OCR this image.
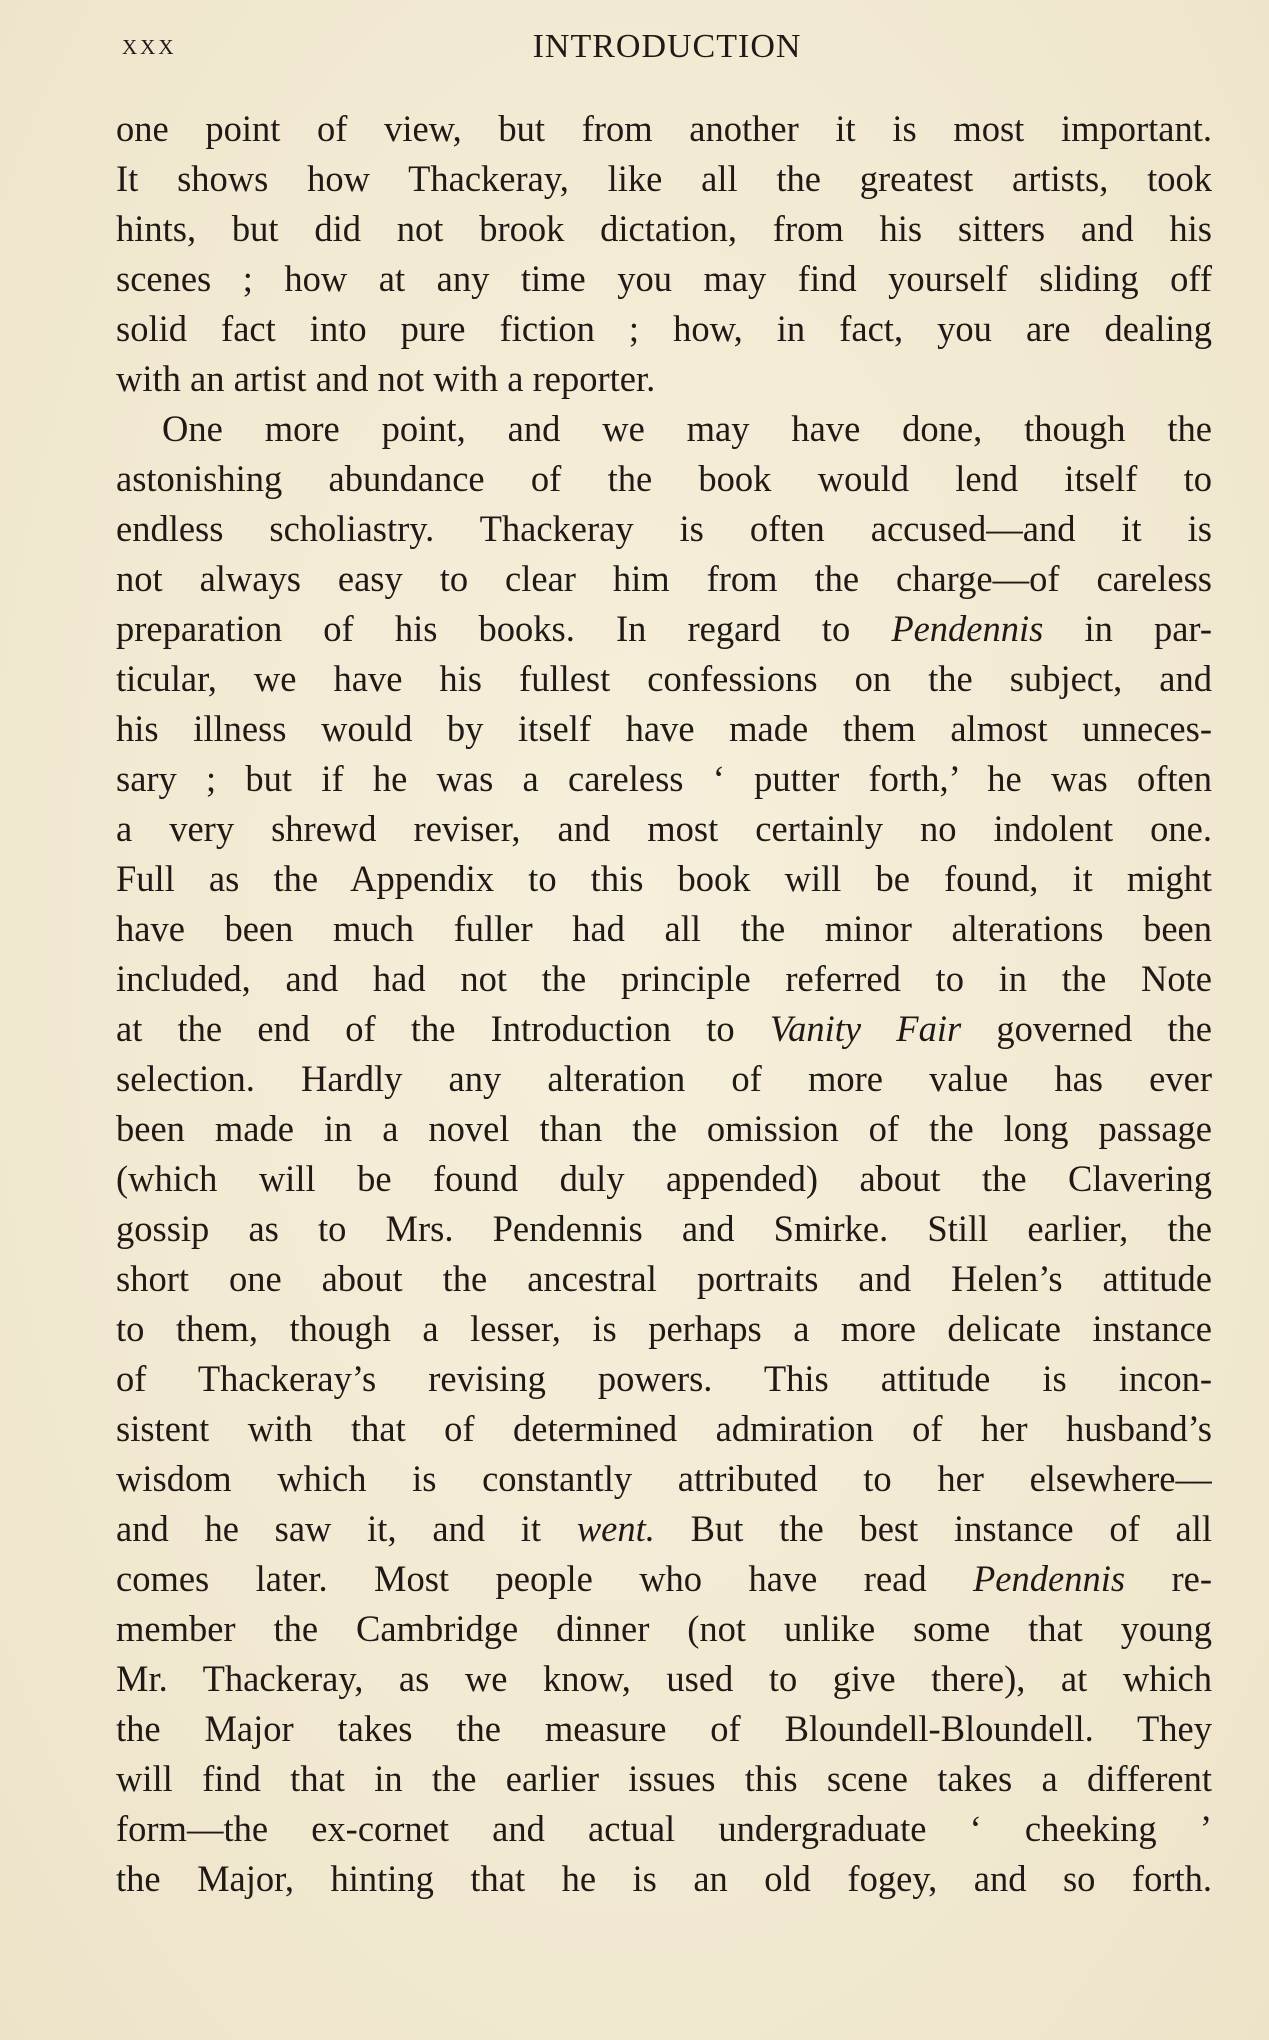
xxx	INTRODUCTION
one point of view, but from another it is most important.
It shows how Thackeray, like all the greatest artists, took
hints, but did not brook dictation, from his sitters and his
scenes ; how at any time you may find yourself sliding off
solid fact into pure fiction ; how, in fact, you are dealing
with an artist and not with a reporter.
One more point, and we may have done, though the
astonishing abundance of the book would lend itself to
endless scholiastry. Thackeray is often accused—and it is
not always easy to clear him from the charge—of careless
preparation of his books. In regard to Pendennis in par-
ticular, we have his fullest confessions on the subject, and
his illness would by itself have made them almost unneces-
sary ; but if he was a careless ‘ putter forth,’ he was often
a very shrewd reviser, and most certainly no indolent one.
Full as the Appendix to this book will be found, it might
have been much fuller had all the minor alterations been
included, and had not the principle referred to in the Note
at the end of the Introduction to Vanity Fair governed the
selection. Hardly any alteration of more value has ever
been made in a novel than the omission of the long passage
(which will be found duly appended) about the Clavering
gossip as to Mrs. Pendennis and Smirke. Still earlier, the
short one about the ancestral portraits and Helen’s attitude
to them, though a lesser, is perhaps a more delicate instance
of Thackeray’s revising powers. This attitude is incon-
sistent with that of determined admiration of her husband’s
wisdom which is constantly attributed to her elsewhere—
and he saw it, and it went. But the best instance of all
comes later. Most people who have read Pendennis re-
member the Cambridge dinner (not unlike some that young
Mr. Thackeray, as we know, used to give there), at which
the Major takes the measure of Bloundell-Bloundell. They
will find that in the earlier issues this scene takes a different
form—the ex-cornet and actual undergraduate ‘ cheeking ’
the Major, hinting that he is an old fogey, and so forth.
